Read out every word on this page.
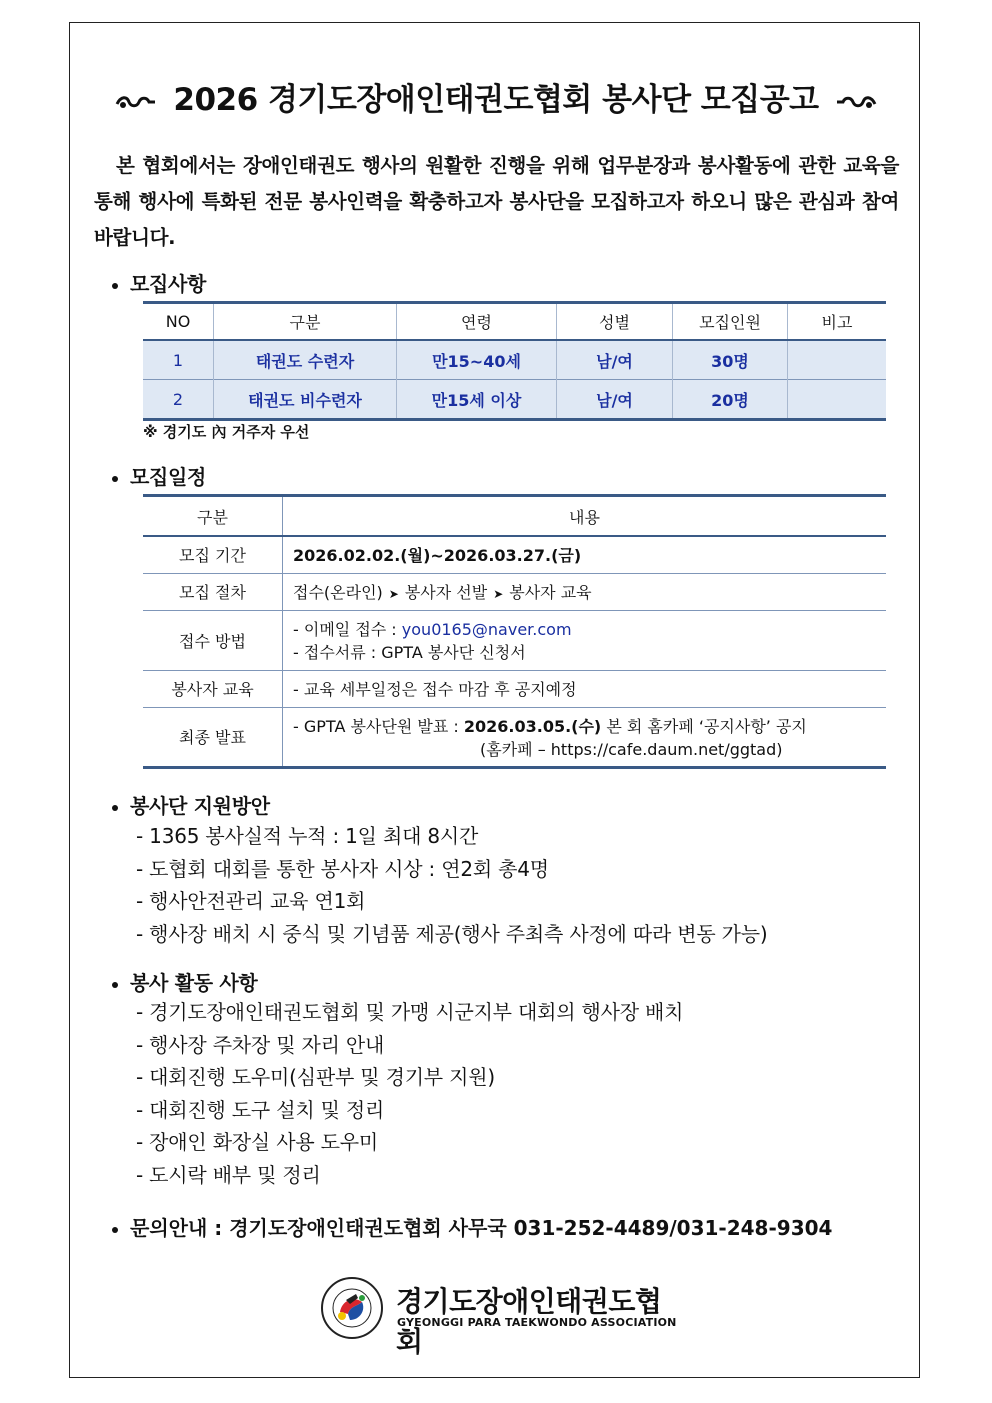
2026 경기도장애인태권도협회 봉사단 모집공고
본 협회에서는 장애인태권도 행사의 원활한 진행을 위해 업무분장과 봉사활동에 관한 교육을 통해 행사에 특화된 전문 봉사인력을 확충하고자 봉사단을 모집하고자 하오니 많은 관심과 참여바랍니다.
모집사항
NO	구분	연령	성별	모집인원	비고
1	태권도 수련자	만15~40세	남/여	30명	
2	태권도 비수련자	만15세 이상	남/여	20명	
※ 경기도 內 거주자 우선
모집일정
구분	내용
모집 기간	2026.02.02.(월)~2026.03.27.(금)
모집 절차	접수(온라인) ➤ 봉사자 선발 ➤ 봉사자 교육
접수 방법	- 이메일 접수 : you0165@naver.com
- 접수서류 : GPTA 봉사단 신청서

봉사자 교육	- 교육 세부일정은 접수 마감 후 공지예정
최종 발표	- GPTA 봉사단원 발표 : 2026.03.05.(수) 본 회 홈카페 ‘공지사항’ 공지
(홈카페 – https://cafe.daum.net/ggtad)
봉사단 지원방안
- 1365 봉사실적 누적 : 1일 최대 8시간
- 도협회 대회를 통한 봉사자 시상 : 연2회 총4명
- 행사안전관리 교육 연1회
- 행사장 배치 시 중식 및 기념품 제공(행사 주최측 사정에 따라 변동 가능)
봉사 활동 사항
- 경기도장애인태권도협회 및 가맹 시군지부 대회의 행사장 배치
- 행사장 주차장 및 자리 안내
- 대회진행 도우미(심판부 및 경기부 지원)
- 대회진행 도구 설치 및 정리
- 장애인 화장실 사용 도우미
- 도시락 배부 및 정리
문의안내 : 경기도장애인태권도협회 사무국 031-252-4489/031-248-9304
경기도장애인태권도협회
GYEONGGI PARA TAEKWONDO ASSOCIATION
